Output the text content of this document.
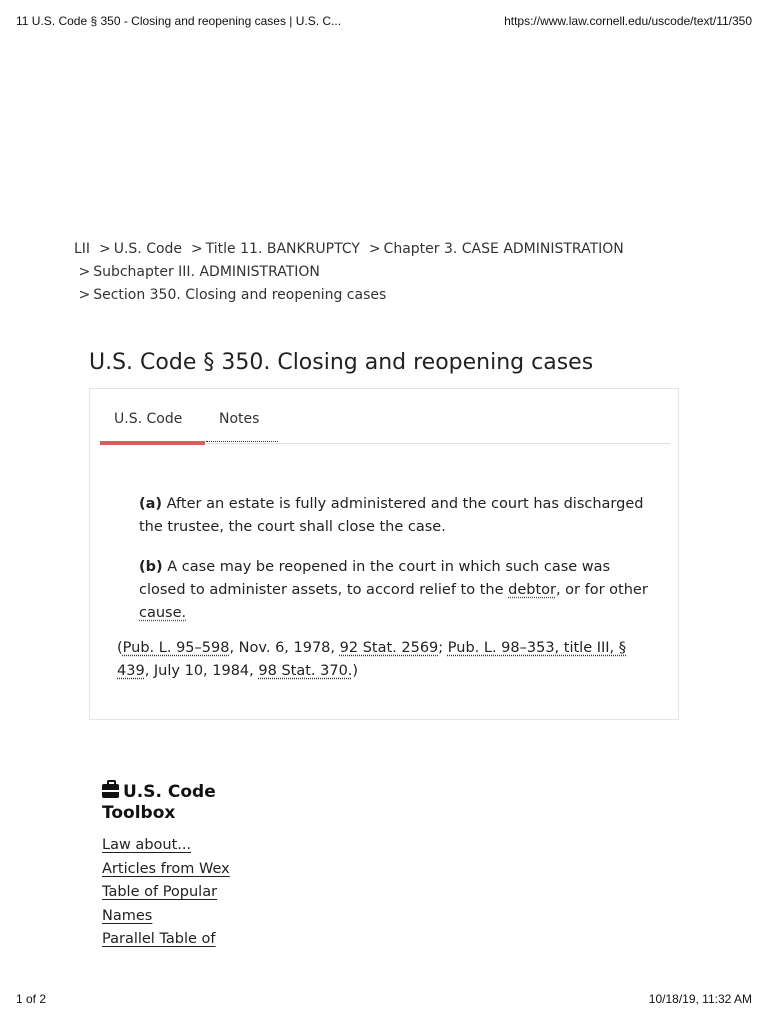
11 U.S. Code § 350 - Closing and reopening cases | U.S. C...	https://www.law.cornell.edu/uscode/text/11/350
LII > U.S. Code > Title 11. BANKRUPTCY > Chapter 3. CASE ADMINISTRATION
> Subchapter III. ADMINISTRATION
> Section 350. Closing and reopening cases
U.S. Code § 350. Closing and reopening cases
U.S. Code	Notes
(a) After an estate is fully administered and the court has discharged the trustee, the court shall close the case.
(b) A case may be reopened in the court in which such case was closed to administer assets, to accord relief to the debtor, or for other cause.
(Pub. L. 95–598, Nov. 6, 1978, 92 Stat. 2569; Pub. L. 98–353, title III, § 439, July 10, 1984, 98 Stat. 370.)
U.S. Code Toolbox
Law about...
Articles from Wex
Table of Popular Names
Parallel Table of
1 of 2	10/18/19, 11:32 AM
